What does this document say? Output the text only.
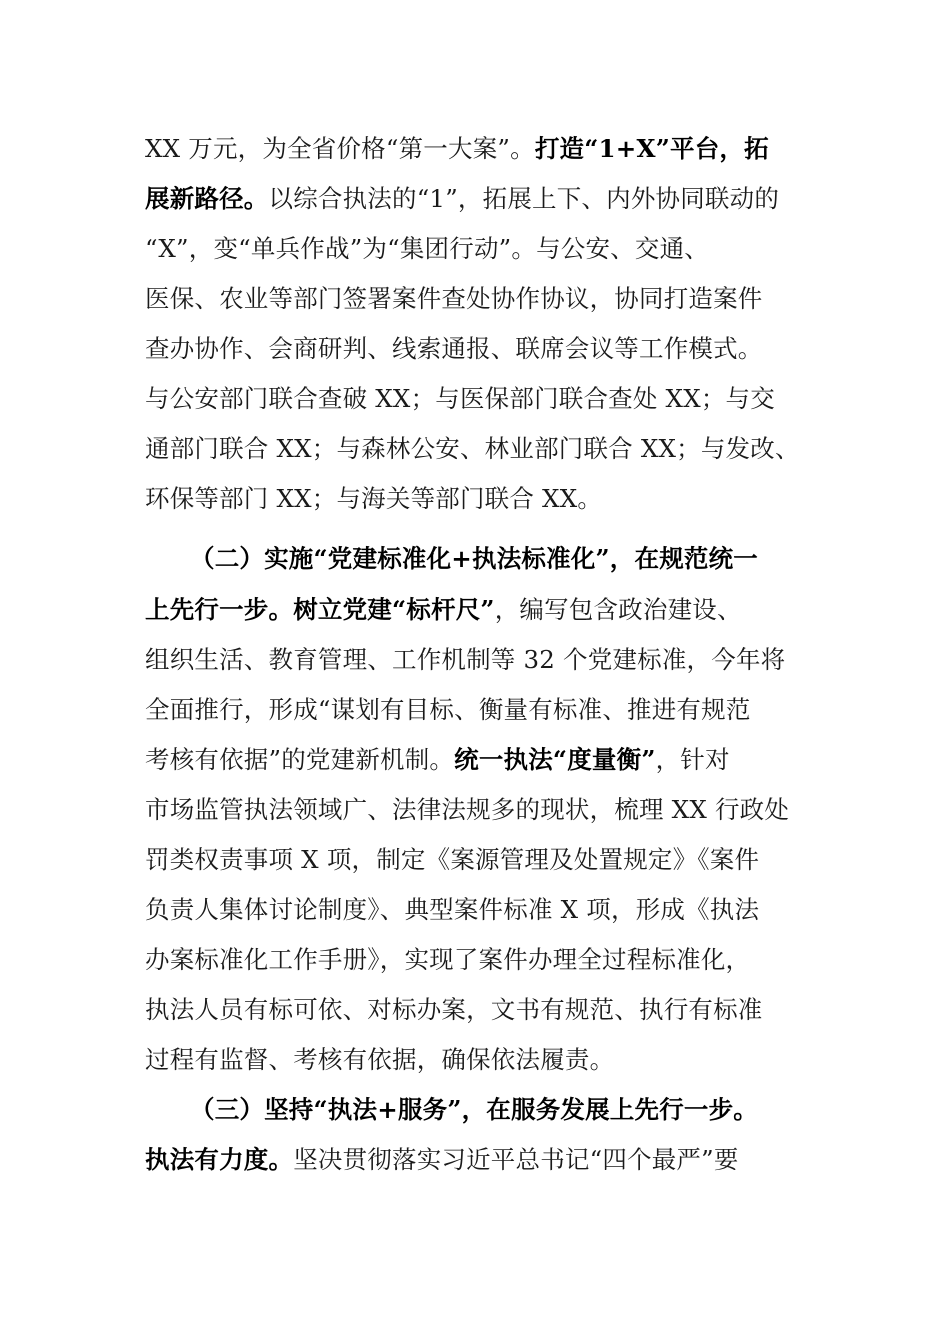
XX 万元，为全省价格“第一大案”。打造“1+X”平台，拓
展新路径。以综合执法的“1”，拓展上下、内外协同联动的
“X”，变“单兵作战”为“集团行动”。与公安、交通、
医保、农业等部门签署案件查处协作协议，协同打造案件
查办协作、会商研判、线索通报、联席会议等工作模式。
与公安部门联合查破 XX；与医保部门联合查处 XX；与交
通部门联合 XX；与森林公安、林业部门联合 XX；与发改、
环保等部门 XX；与海关等部门联合 XX。
（二）实施“党建标准化+执法标准化”，在规范统一
上先行一步。树立党建“标杆尺”，编写包含政治建设、
组织生活、教育管理、工作机制等 32 个党建标准，今年将
全面推行，形成“谋划有目标、衡量有标准、推进有规范
考核有依据”的党建新机制。统一执法“度量衡”，针对
市场监管执法领域广、法律法规多的现状，梳理 XX 行政处
罚类权责事项 X 项，制定《案源管理及处置规定》《案件
负责人集体讨论制度》、典型案件标准 X 项，形成《执法
办案标准化工作手册》，实现了案件办理全过程标准化，
执法人员有标可依、对标办案，文书有规范、执行有标准
过程有监督、考核有依据，确保依法履责。
（三）坚持“执法+服务”，在服务发展上先行一步。
执法有力度。坚决贯彻落实习近平总书记“四个最严”要
